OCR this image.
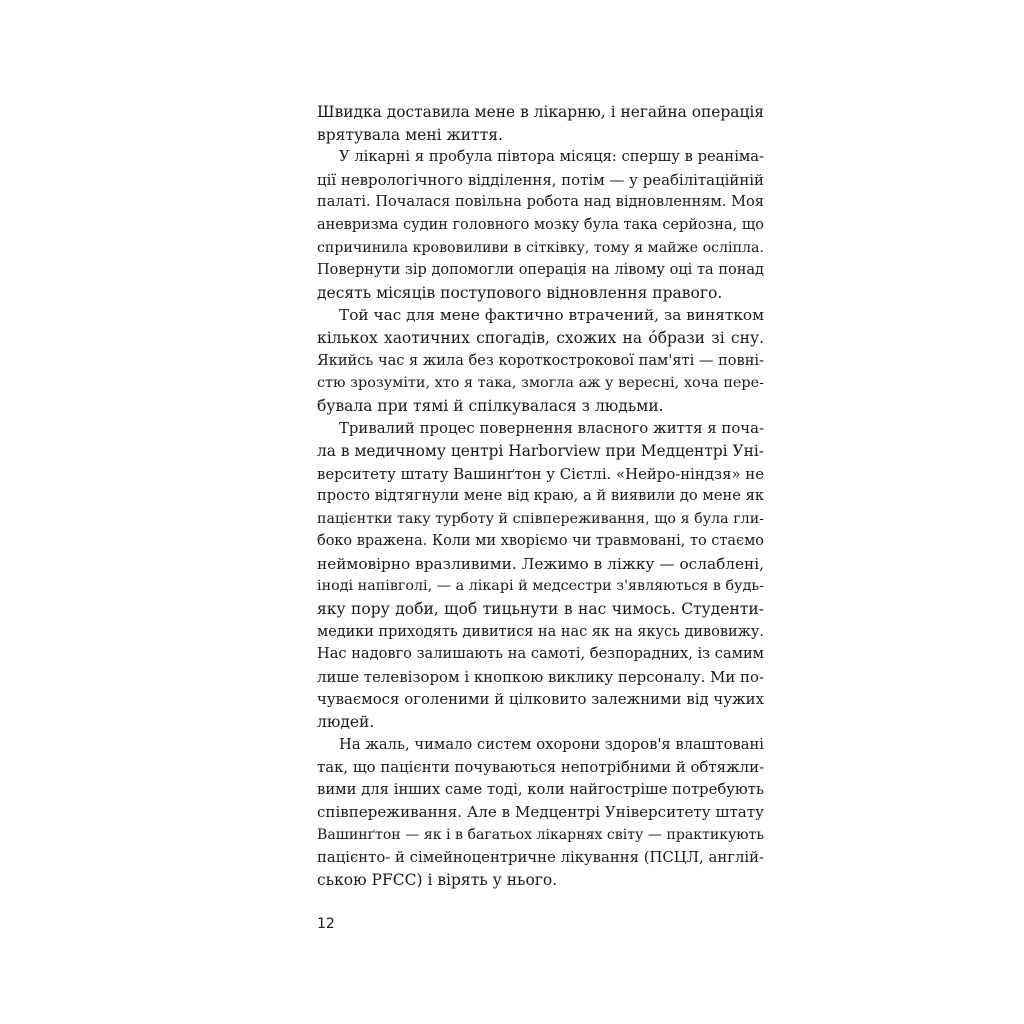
Швидка доставила мене в лікарню, і негайна операція
врятувала мені життя.
У лікарні я пробула півтора місяця: спершу в реаніма-
ції неврологічного відділення, потім — у реабілітаційній
палаті. Почалася повільна робота над відновленням. Моя
аневризма судин головного мозку була така серйозна, що
спричинила крововиливи в сітківку, тому я майже осліпла.
Повернути зір допомогли операція на лівому оці та понад
десять місяців поступового відновлення правого.
Той час для мене фактично втрачений, за винятком
кількох хаотичних спогадів, схожих на óбрази зі сну.
Якийсь час я жила без короткострокової пам'яті — повні-
стю зрозуміти, хто я така, змогла аж у вересні, хоча пере-
бувала при тямі й спілкувалася з людьми.
Тривалий процес повернення власного життя я поча-
ла в медичному центрі Harborview при Медцентрі Уні-
верситету штату Вашинґтон у Сієтлі. «Нейро-ніндзя» не
просто відтягнули мене від краю, а й виявили до мене як
пацієнтки таку турботу й співпереживання, що я була гли-
боко вражена. Коли ми хворіємо чи травмовані, то стаємо
неймовірно вразливими. Лежимо в ліжку — ослаблені,
іноді напівголі, — а лікарі й медсестри з'являються в будь-
яку пору доби, щоб тицьнути в нас чимось. Студенти-
медики приходять дивитися на нас як на якусь дивовижу.
Нас надовго залишають на самоті, безпорадних, із самим
лише телевізором і кнопкою виклику персоналу. Ми по-
чуваємося оголеними й цілковито залежними від чужих
людей.
На жаль, чимало систем охорони здоров'я влаштовані
так, що пацієнти почуваються непотрібними й обтяжли-
вими для інших саме тоді, коли найгостріше потребують
співпереживання. Але в Медцентрі Університету штату
Вашинґтон — як і в багатьох лікарнях світу — практикують
пацієнто- й сімейноцентричне лікування (ПСЦЛ, англій-
ською PFCC) і вірять у нього.
12
